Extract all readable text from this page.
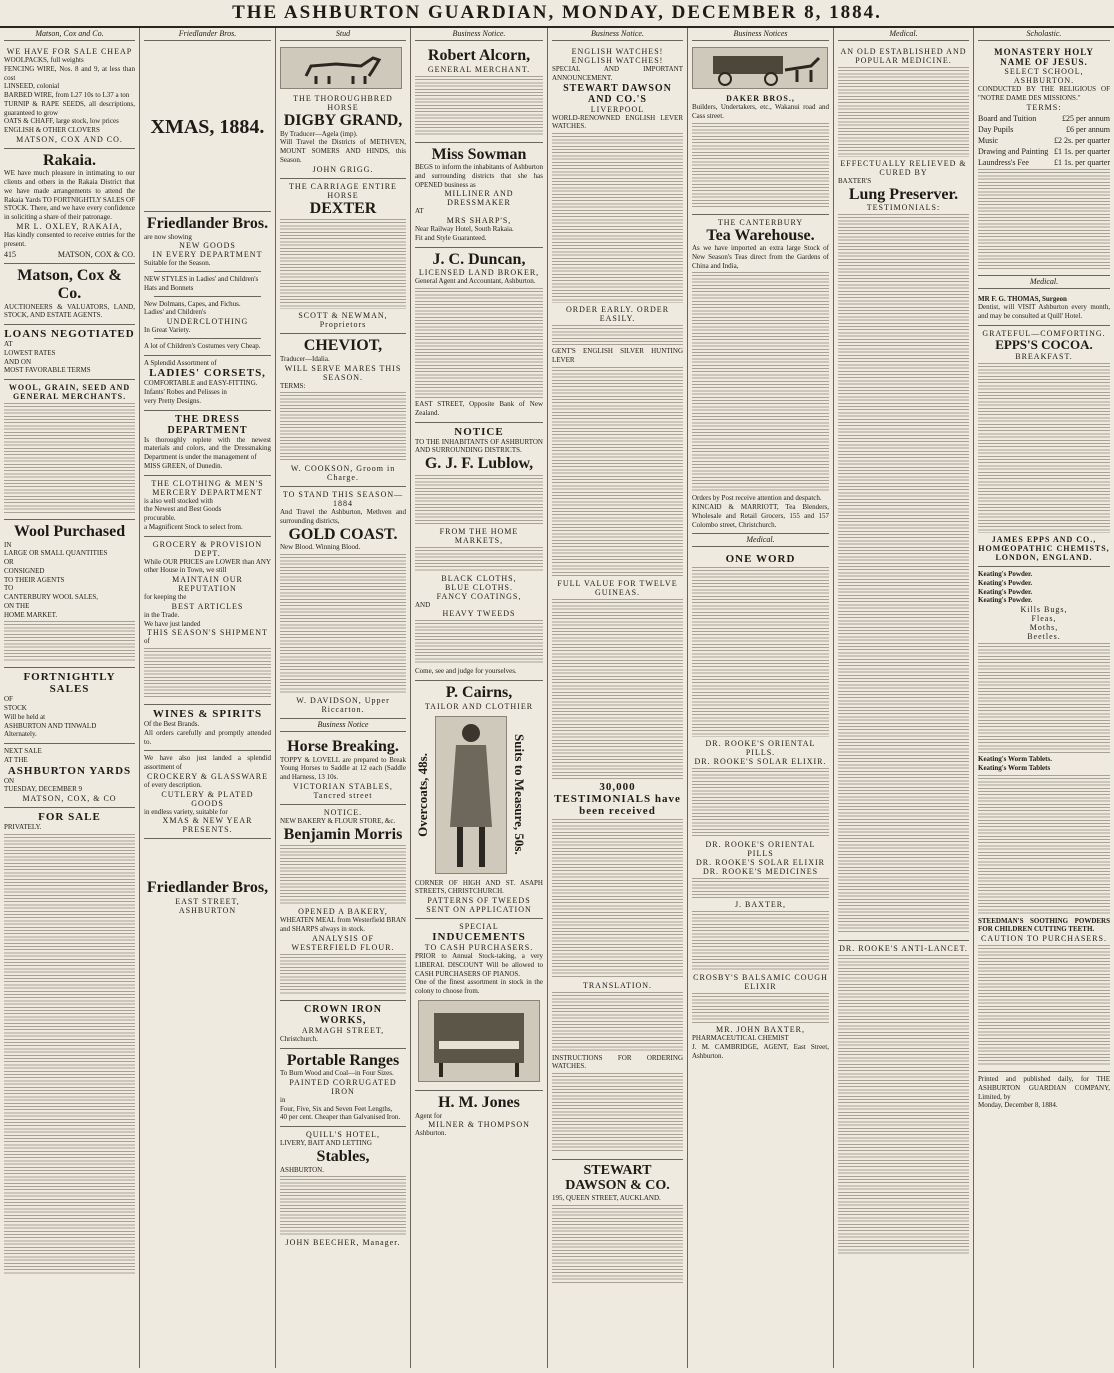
THE ASHBURTON GUARDIAN, MONDAY, DECEMBER 8, 1884.
Matson, Cox and Co.
WE HAVE FOR SALE CHEAP
WOOLPACKS, full weights
FENCING WIRE, Nos. 8 and 9, at less than cost
LINSEED, colonial
BARBED WIRE, from L27 10s to L37 a ton
TURNIP & RAPE SEEDS, all descriptions, guaranteed to grow
OATS & CHAFF, large stock, low prices
ENGLISH & OTHER CLOVERS
MATSON, COX AND CO.
Rakaia.
WE have much pleasure in intimating to our clients and others in the Rakaia District that we have made arrangements to attend the Rakaia Yards TO FORTNIGHTLY SALES OF STOCK. There, and we have every confidence in soliciting a share of their patronage.
MR L. OXLEY, RAKAIA,
Has kindly consented to receive entries for the present.
415	MATSON, COX & CO.
Matson, Cox & Co.
AUCTIONEERS & VALUATORS, LAND, STOCK, AND ESTATE AGENTS.
LOANS NEGOTIATED
AT
LOWEST RATES
AND ON
MOST FAVORABLE TERMS
WOOL, GRAIN, SEED AND GENERAL MERCHANTS.
Wool Purchased
IN
LARGE OR SMALL QUANTITIES
OR
CONSIGNED
TO THEIR AGENTS
TO
CANTERBURY WOOL SALES,
ON THE
HOME MARKET.
FORTNIGHTLY SALES
OF
STOCK
Will be held at
ASHBURTON AND TINWALD
Alternately.
NEXT SALE
AT THE
ASHBURTON YARDS
ON
TUESDAY, DECEMBER 9
MATSON, COX, & CO
FOR SALE
PRIVATELY.
Friedlander Bros.
XMAS, 1884.
Friedlander Bros.
are now showing
NEW GOODS
IN EVERY DEPARTMENT
Suitable for the Season.
NEW STYLES in Ladies' and Children's
Hats and Bonnets
New Dolmans, Capes, and Fichus.
Ladies' and Children's
UNDERCLOTHING
In Great Variety.
A lot of Children's Costumes very Cheap.
A Splendid Assortment of
LADIES' CORSETS,
COMFORTABLE and EASY-FITTING.
Infants' Robes and Pelisses in
very Pretty Designs.
THE DRESS DEPARTMENT
Is thoroughly replete with the newest materials and colors, and the Dressmaking Department is under the management of
MISS GREEN, of Dunedin.
THE CLOTHING & MEN'S MERCERY DEPARTMENT
is also well stocked with
the Newest and Best Goods
procurable.
a Magnificent Stock to select from.
GROCERY & PROVISION DEPT.
While OUR PRICES are LOWER than ANY other House in Town, we still
MAINTAIN OUR REPUTATION
for keeping the
BEST ARTICLES
in the Trade.
We have just landed
THIS SEASON'S SHIPMENT
of
WINES & SPIRITS
Of the Best Brands.
All orders carefully and promptly attended to.
We have also just landed a splendid assortment of
CROCKERY & GLASSWARE
of every description.
CUTLERY & PLATED GOODS
in endless variety, suitable for
XMAS & NEW YEAR PRESENTS.
Friedlander Bros,
EAST STREET,
ASHBURTON
Stud
THE THOROUGHBRED HORSE
DIGBY GRAND,
By Traducer—Agela (imp).
Will Travel the Districts of METHVEN, MOUNT SOMERS AND HINDS, this Season.
JOHN GRIGG.
THE CARRIAGE ENTIRE HORSE
DEXTER
SCOTT & NEWMAN, Proprietors
CHEVIOT,
Traducer—Idalia.
WILL SERVE MARES THIS SEASON.
TERMS:
W. COOKSON, Groom in Charge.
TO STAND THIS SEASON—1884
And Travel the Ashburton, Methven and surrounding districts,
GOLD COAST.
New Blood. Winning Blood.
W. DAVIDSON, Upper Riccarton.
Business Notice
Horse Breaking.
TOPPY & LOVELL are prepared to Break Young Horses to Saddle at 12 each (Saddle and Harness, 13 10s.
VICTORIAN STABLES, Tancred street
NOTICE.
NEW BAKERY & FLOUR STORE, &c.
Benjamin Morris
OPENED A BAKERY,
WHEATEN MEAL from Westerfield BRAN and SHARPS always in stock.
ANALYSIS OF WESTERFIELD FLOUR.
CROWN IRON WORKS,
ARMAGH STREET,
Christchurch.
Portable Ranges
To Burn Wood and Coal—in Four Sizes.
PAINTED CORRUGATED IRON
in
Four, Five, Six and Seven Feet Lengths,
40 per cent. Cheaper than Galvanised Iron.
QUILL'S HOTEL,
LIVERY, BAIT AND LETTING
Stables,
ASHBURTON.
JOHN BEECHER, Manager.
Business Notice.
Robert Alcorn,
GENERAL MERCHANT.
Miss Sowman
BEGS to inform the inhabitants of Ashburton and surrounding districts that she has OPENED business as
MILLINER AND DRESSMAKER
AT
MRS SHARP'S,
Near Railway Hotel, South Rakaia.
Fit and Style Guaranteed.
J. C. Duncan,
LICENSED LAND BROKER,
General Agent and Accountant, Ashburton.
EAST STREET, Opposite Bank of New Zealand.
NOTICE
TO THE INHABITANTS OF ASHBURTON AND SURROUNDING DISTRICTS.
G. J. F. Lublow,
FROM THE HOME MARKETS,
BLACK CLOTHS,
BLUE CLOTHS.
FANCY COATINGS,
AND
HEAVY TWEEDS
Come, see and judge for yourselves.
P. Cairns,
TAILOR AND CLOTHIER
Overcoats, 48s.	Suits to Measure, 50s.
CORNER OF HIGH AND ST. ASAPH STREETS, CHRISTCHURCH.
PATTERNS OF TWEEDS SENT ON APPLICATION
SPECIAL
INDUCEMENTS
TO CASH PURCHASERS.
PRIOR to Annual Stock-taking, a very LIBERAL DISCOUNT Will be allowed to CASH PURCHASERS OF PIANOS.
One of the finest assortment in stock in the colony to choose from.
H. M. Jones
Agent for
MILNER & THOMPSON
Ashburton.
Business Notice.
ENGLISH WATCHES!
ENGLISH WATCHES!
SPECIAL AND IMPORTANT ANNOUNCEMENT.
STEWART DAWSON AND CO.'S
LIVERPOOL
WORLD-RENOWNED ENGLISH LEVER WATCHES.
ORDER EARLY. ORDER EASILY.
GENT'S ENGLISH SILVER HUNTING LEVER
FULL VALUE FOR TWELVE GUINEAS.
30,000 TESTIMONIALS have been received
TRANSLATION.
INSTRUCTIONS FOR ORDERING WATCHES.
STEWART DAWSON & CO.
195, QUEEN STREET, AUCKLAND.
Business Notices
DAKER BROS.,
Builders, Undertakers, etc., Wakanui road and Cass street.
THE CANTERBURY
Tea Warehouse.
As we have imported an extra large Stock of New Season's Teas direct from the Gardens of China and India,
Orders by Post receive attention and despatch.
KINCAID & MARRIOTT, Tea Blenders, Wholesale and Retail Grocers, 155 and 157 Colombo street, Christchurch.
Medical.
ONE WORD
DR. ROOKE'S ORIENTAL PILLS.
DR. ROOKE'S SOLAR ELIXIR.
DR. ROOKE'S ORIENTAL PILLS
DR. ROOKE'S SOLAR ELIXIR
DR. ROOKE'S MEDICINES
J. BAXTER,
CROSBY'S BALSAMIC COUGH ELIXIR
MR. JOHN BAXTER,
PHARMACEUTICAL CHEMIST
J. M. CAMBRIDGE, AGENT, East Street, Ashburton.
Medical.
AN OLD ESTABLISHED AND POPULAR MEDICINE.
EFFECTUALLY RELIEVED & CURED BY
BAXTER'S
Lung Preserver.
TESTIMONIALS:
DR. ROOKE'S ANTI-LANCET.
Scholastic.
MONASTERY HOLY NAME OF JESUS.
SELECT SCHOOL, ASHBURTON.
CONDUCTED BY THE RELIGIOUS OF "NOTRE DAME DES MISSIONS."
TERMS:
Board and Tuition	£25 per annum
Day Pupils	£6 per annum
Music	£2 2s. per quarter
Drawing and Painting £1 1s. per quarter
Laundress's Fee	£1 1s. per quarter
Medical.
MR F. G. THOMAS, Surgeon
Dentist, will VISIT Ashburton every month, and may be consulted at Quill' Hotel.
GRATEFUL—COMFORTING.
EPPS'S COCOA.
BREAKFAST.
JAMES EPPS AND CO., HOMŒOPATHIC CHEMISTS, LONDON, ENGLAND.
Keating's Powder.
Keating's Powder.
Keating's Powder.
Keating's Powder.
Kills Bugs,
Fleas,
Moths,
Beetles.
Keating's Worm Tablets.
Keating's Worm Tablets
STEEDMAN'S SOOTHING POWDERS FOR CHILDREN CUTTING TEETH.
CAUTION TO PURCHASERS.
Printed and published daily, for THE ASHBURTON GUARDIAN COMPANY, Limited, by
Monday, December 8, 1884.
